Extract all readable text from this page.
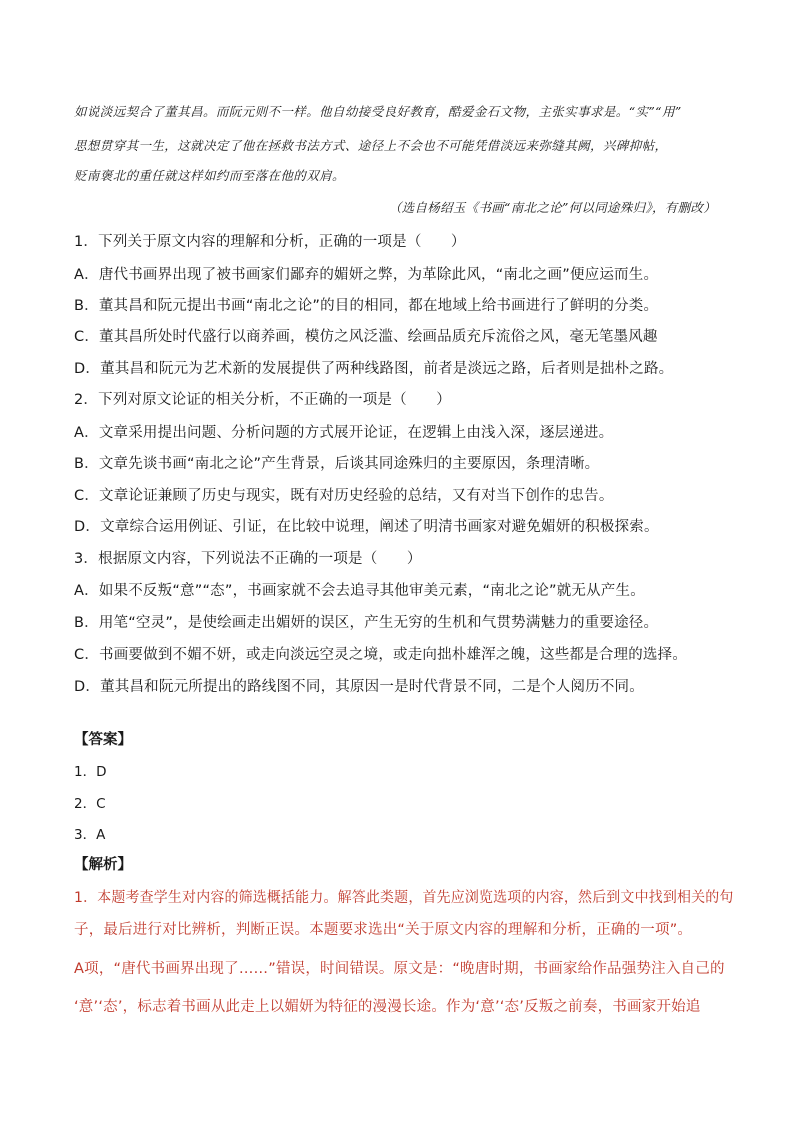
如说淡远契合了董其昌。而阮元则不一样。他自幼接受良好教育，酷爱金石文物，主张实事求是。“实”“用”
思想贯穿其一生，这就决定了他在拯救书法方式、途径上不会也不可能凭借淡远来弥缝其阙，兴碑抑帖，
贬南褒北的重任就这样如约而至落在他的双肩。
（选自杨绍玉《书画“南北之论”何以同途殊归》，有删改）
1．下列关于原文内容的理解和分析，正确的一项是（　　）
A．唐代书画界出现了被书画家们鄙弃的媚妍之弊，为革除此风，“南北之画”便应运而生。
B．董其昌和阮元提出书画“南北之论”的目的相同，都在地域上给书画进行了鲜明的分类。
C．董其昌所处时代盛行以商养画，模仿之风泛滥、绘画品质充斥流俗之风，毫无笔墨风趣
D．董其昌和阮元为艺术新的发展提供了两种线路图，前者是淡远之路，后者则是拙朴之路。
2．下列对原文论证的相关分析，不正确的一项是（　　）
A．文章采用提出问题、分析问题的方式展开论证，在逻辑上由浅入深，逐层递进。
B．文章先谈书画“南北之论”产生背景，后谈其同途殊归的主要原因，条理清晰。
C．文章论证兼顾了历史与现实，既有对历史经验的总结，又有对当下创作的忠告。
D．文章综合运用例证、引证，在比较中说理，阐述了明清书画家对避免媚妍的积极探索。
3．根据原文内容，下列说法不正确的一项是（　　）
A．如果不反叛“意”“态”，书画家就不会去追寻其他审美元素，“南北之论”就无从产生。
B．用笔“空灵”，是使绘画走出媚妍的误区，产生无穷的生机和气贯势满魅力的重要途径。
C．书画要做到不媚不妍，或走向淡远空灵之境，或走向拙朴雄浑之魄，这些都是合理的选择。
D．董其昌和阮元所提出的路线图不同，其原因一是时代背景不同，二是个人阅历不同。
【答案】
1．D
2．C
3．A
【解析】
1．本题考查学生对内容的筛选概括能力。解答此类题，首先应浏览选项的内容，然后到文中找到相关的句
子，最后进行对比辨析，判断正误。本题要求选出“关于原文内容的理解和分析，正确的一项”。
A项，“唐代书画界出现了……”错误，时间错误。原文是：“晚唐时期，书画家给作品强势注入自己的
‘意’‘态’，标志着书画从此走上以媚妍为特征的漫漫长途。作为‘意’‘态’反叛之前奏，书画家开始追
